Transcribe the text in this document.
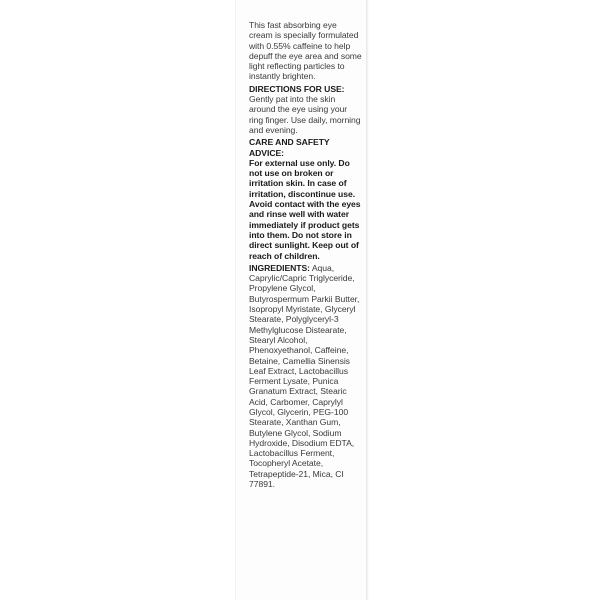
This fast absorbing eye cream is specially formulated with 0.55% caffeine to help depuff the eye area and some light reflecting particles to instantly brighten.

DIRECTIONS FOR USE:

Gently pat into the skin around the eye using your ring finger. Use daily, morning and evening.

CARE AND SAFETY ADVICE:

For external use only. Do not use on broken or irritation skin. In case of irritation, discontinue use. Avoid contact with the eyes and rinse well with water immediately if product gets into them. Do not store in direct sunlight. Keep out of reach of children.

INGREDIENTS: Aqua, Caprylic/Capric Triglyceride, Propylene Glycol, Butyrospermum Parkii Butter, Isopropyl Myristate, Glyceryl Stearate, Polyglyceryl-3 Methylglucose Distearate, Stearyl Alcohol, Phenoxyethanol, Caffeine, Betaine, Camellia Sinensis Leaf Extract, Lactobacillus Ferment Lysate, Punica Granatum Extract, Stearic Acid, Carbomer, Caprylyl Glycol, Glycerin, PEG-100 Stearate, Xanthan Gum, Butylene Glycol, Sodium Hydroxide, Disodium EDTA, Lactobacillus Ferment, Tocopheryl Acetate, Tetrapeptide-21, Mica, CI 77891.
